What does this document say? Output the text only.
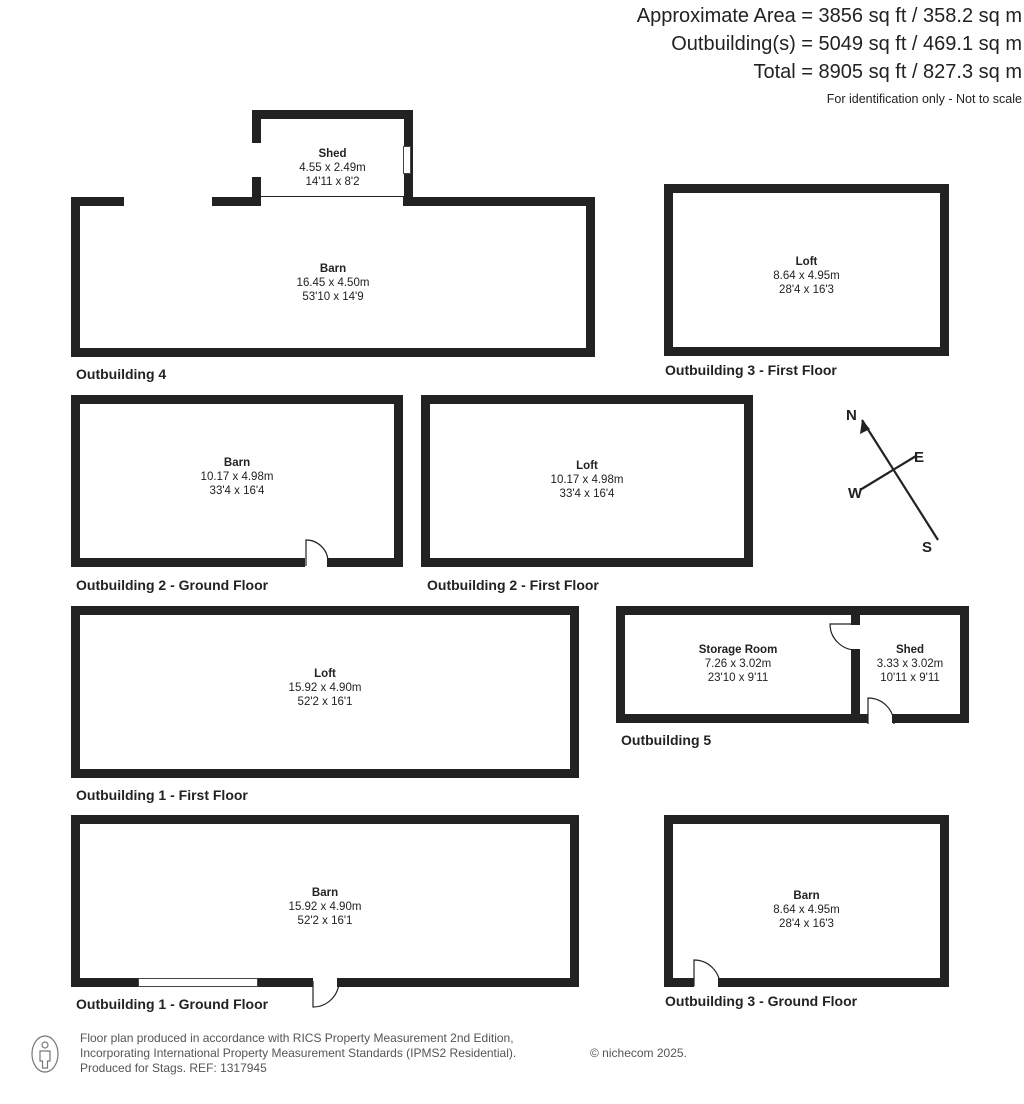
Approximate Area = 3856 sq ft / 358.2 sq m
Outbuilding(s) = 5049 sq ft / 469.1 sq m
Total = 8905 sq ft / 827.3 sq m
For identification only - Not to scale
Shed
4.55 x 2.49m
14'11 x 8'2
Barn
16.45 x 4.50m
53'10 x 14'9
Outbuilding 4
Loft
8.64 x 4.95m
28'4 x 16'3
Outbuilding 3 - First Floor
Barn
10.17 x 4.98m
33'4 x 16'4
Outbuilding 2 - Ground Floor
Loft
10.17 x 4.98m
33'4 x 16'4
Outbuilding 2 - First Floor
Loft
15.92 x 4.90m
52'2 x 16'1
Outbuilding 1 - First Floor
Storage Room
7.26 x 3.02m
23'10 x 9'11
Shed
3.33 x 3.02m
10'11 x 9'11
Outbuilding 5
Barn
15.92 x 4.90m
52'2 x 16'1
Outbuilding 1 - Ground Floor
Barn
8.64 x 4.95m
28'4 x 16'3
Outbuilding 3 - Ground Floor
N
E
W
S
Floor plan produced in accordance with RICS Property Measurement 2nd Edition,
Incorporating International Property Measurement Standards (IPMS2 Residential).
Produced for Stags. REF: 1317945
© nichecom 2025.
